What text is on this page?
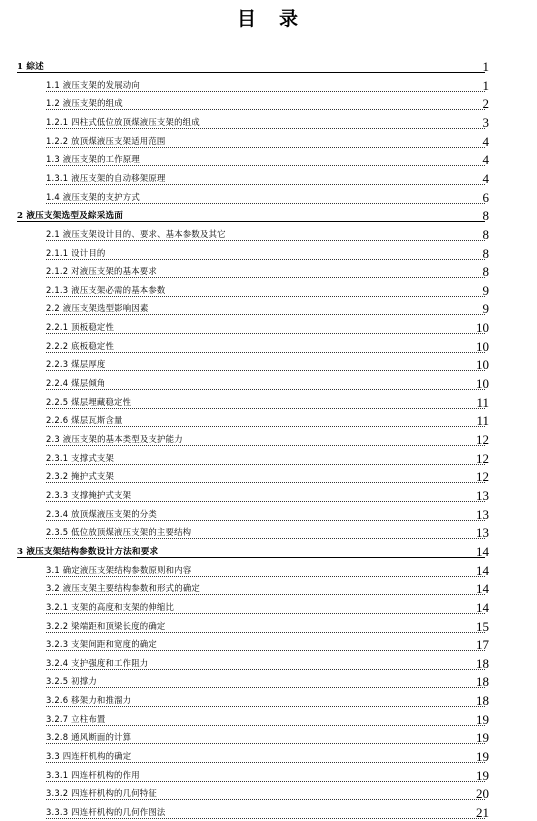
目　录
1 綜述	1
1.1 液压支架的发展动向	1
1.2 液压支架的组成	2
1.2.1 四柱式低位放顶煤液压支架的组成	3
1.2.2 放顶煤液压支架适用范围	4
1.3 液压支架的工作原理	4
1.3.1 液压支架的自动移架原理	4
1.4 液压支架的支护方式	6
2 液压支架选型及綜采选面	8
2.1 液压支架设计目的、要求、基本参数及其它	8
2.1.1 设计目的	8
2.1.2 对液压支架的基本要求	8
2.1.3 液压支架必需的基本参数	9
2.2 液压支架选型影响因素	9
2.2.1 顶板稳定性	10
2.2.2 底板稳定性	10
2.2.3 煤层厚度	10
2.2.4 煤层倾角	10
2.2.5 煤层埋藏稳定性	11
2.2.6 煤层瓦斯含量	11
2.3 液压支架的基本类型及支护能力	12
2.3.1 支撑式支架	12
2.3.2 掩护式支架	12
2.3.3 支撑掩护式支架	13
2.3.4 放顶煤液压支架的分类	13
2.3.5 低位放顶煤液压支架的主要结构	13
3 液压支架结构参数设计方法和要求	14
3.1 确定液压支架结构参数原则和内容	14
3.2 液压支架主要结构参数和形式的确定	14
3.2.1 支架的高度和支架的伸缩比	14
3.2.2 梁端距和顶梁长度的确定	15
3.2.3 支架间距和宽度的确定	17
3.2.4 支护强度和工作阻力	18
3.2.5 初撑力	18
3.2.6 移架力和推溜力	18
3.2.7 立柱布置	19
3.2.8 通风断面的计算	19
3.3 四连杆机构的确定	19
3.3.1 四连杆机构的作用	19
3.3.2 四连杆机构的几何特征	20
3.3.3 四连杆机构的几何作图法	21
